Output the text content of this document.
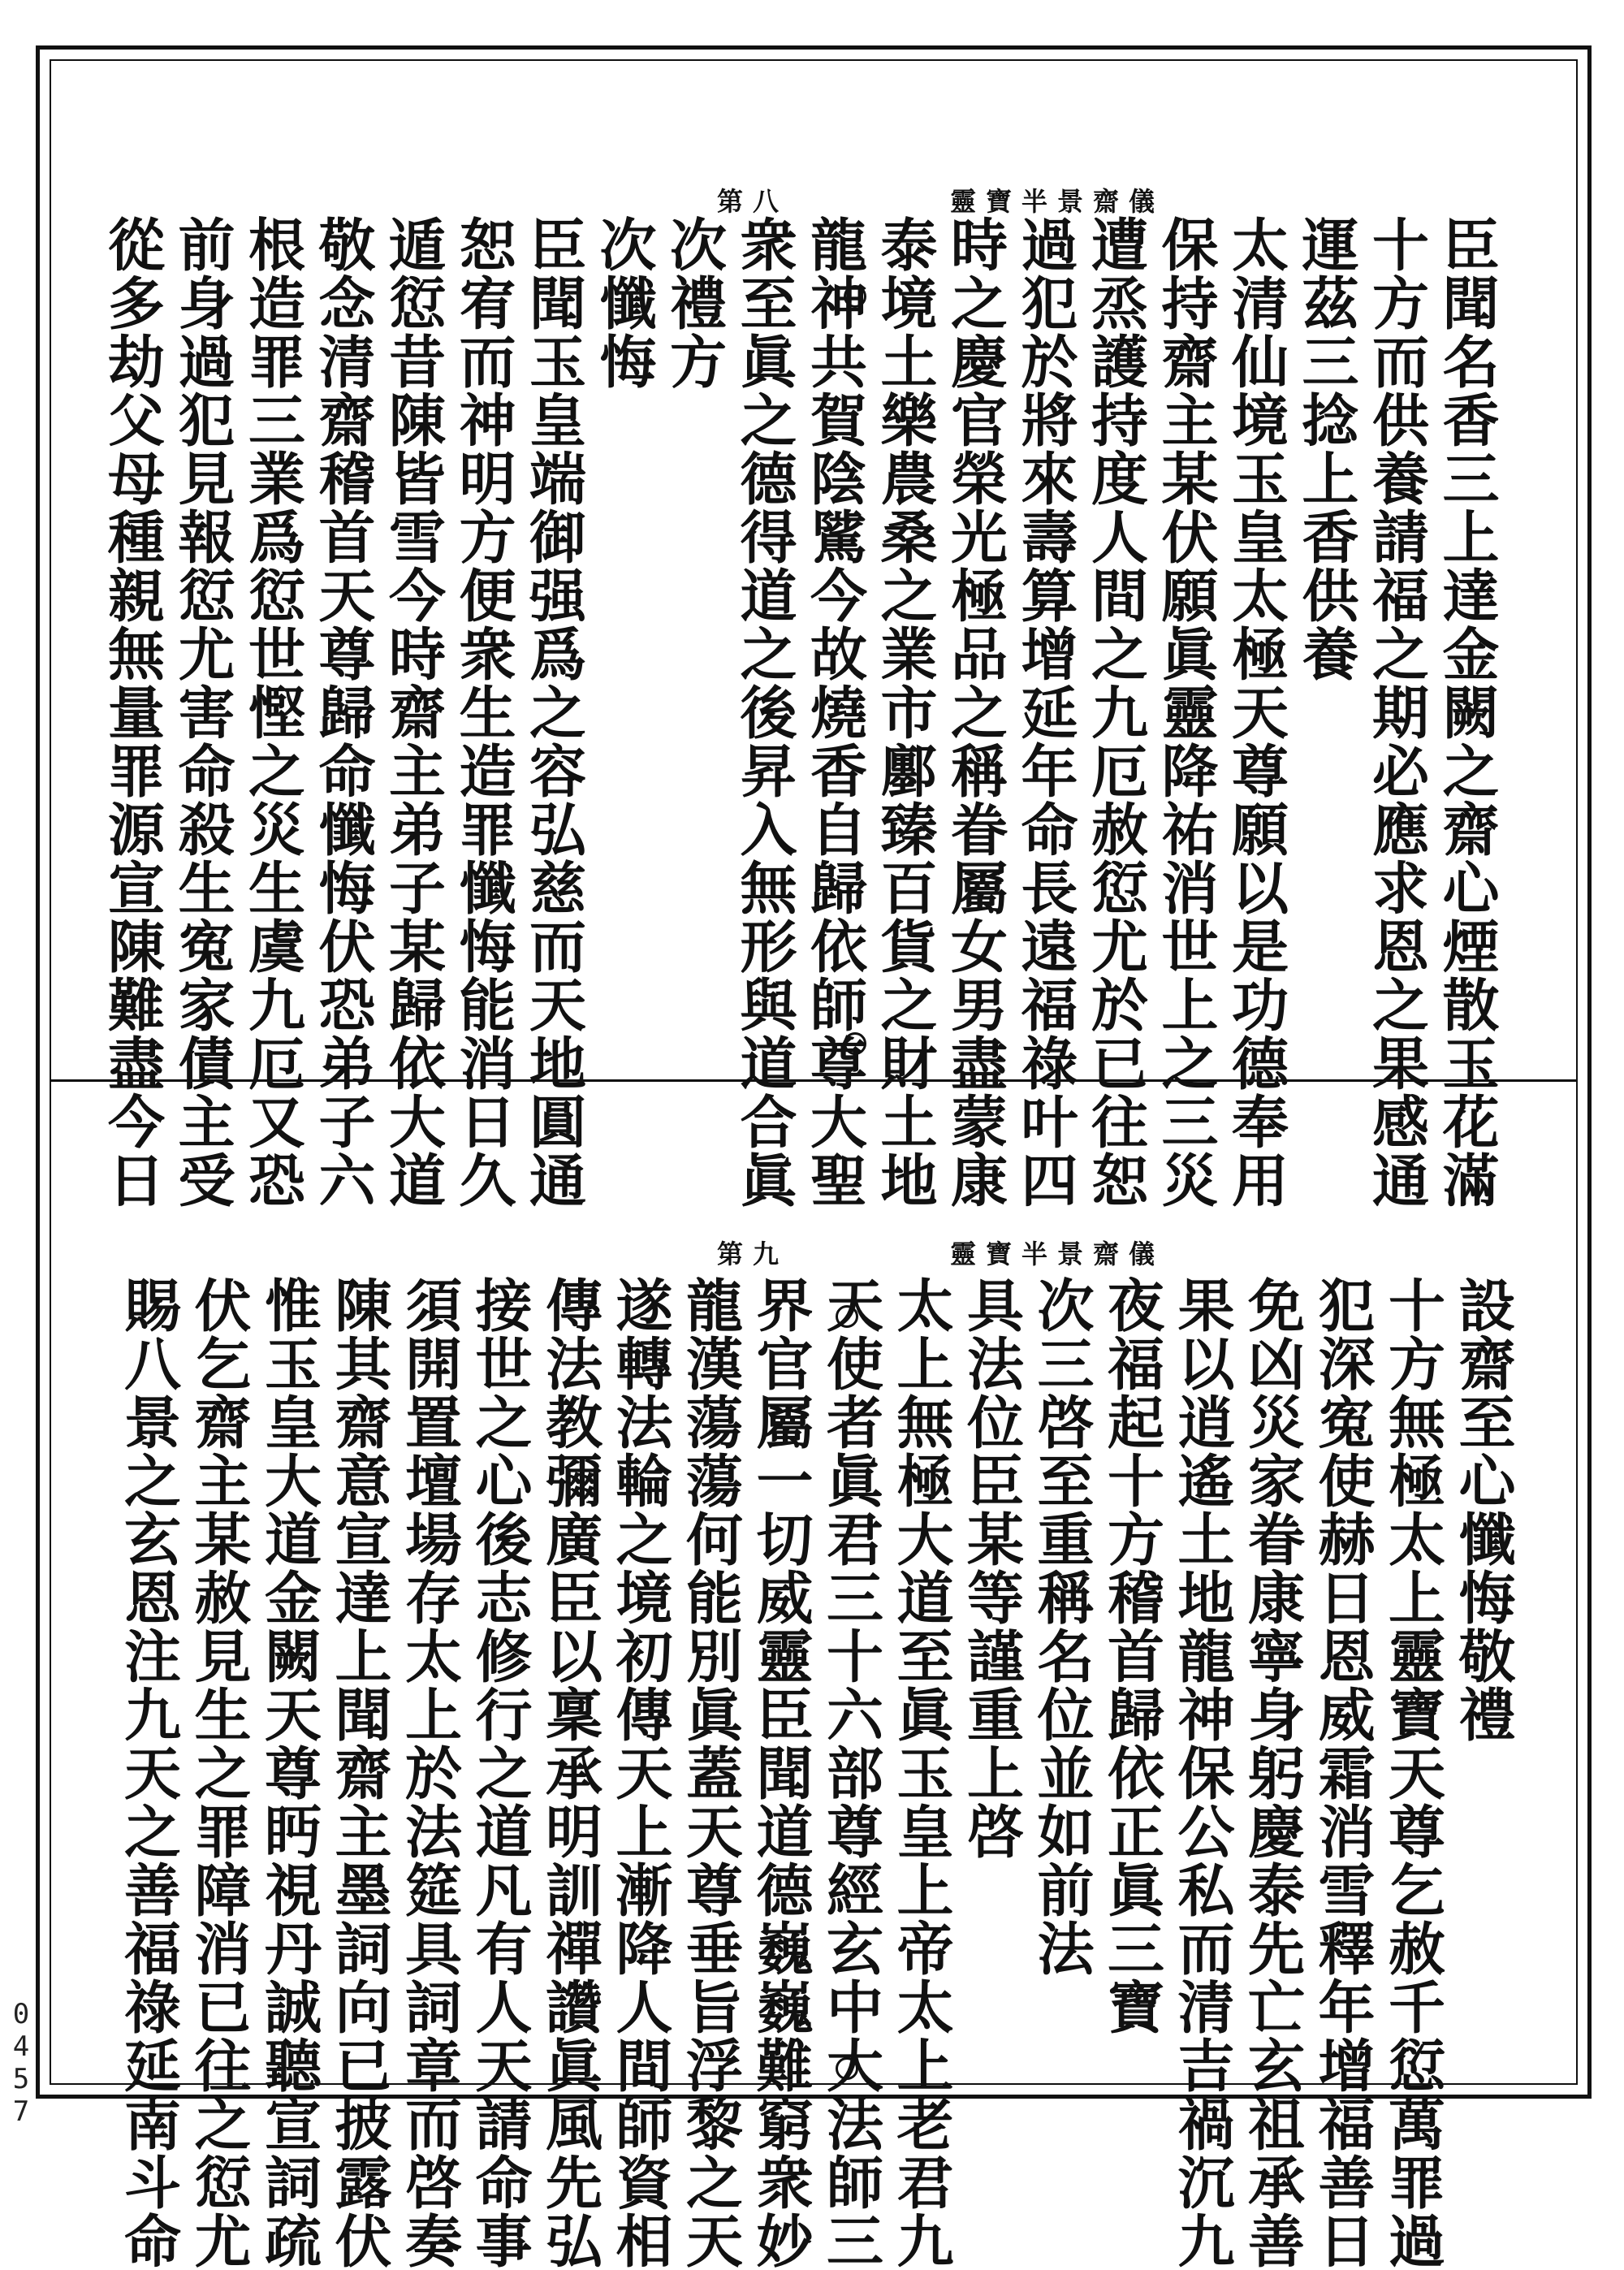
靈寶半景齋儀
第八
臣聞名香三上達金闕之齋心煙散玉花滿
十方而供養請福之期必應求恩之果感通
運茲三捻上香供養
太清仙境玉皇太極天尊願以是功德奉用
保持齋主某伏願眞靈降祐消世上之三災
遭烝護持度人間之九厄赦愆尤於已往恕
過犯於將來壽算增延年命長遠福祿叶四
時之慶官榮光極品之稱眷屬女男盡蒙康
泰境土樂農桑之業市鄽臻百貨之財土地
龍神共賀陰騭今故燒香自歸依師尊大聖
衆至眞之德得道之後昇入無形與道合眞
次禮方
次懺悔
臣聞玉皇端御强爲之容弘慈而天地圓通
恕宥而神明方便衆生造罪懺悔能消日久
遁愆昔陳皆雪今時齋主弟子某歸依大道
敬念清齋稽首天尊歸命懺悔伏恐弟子六
根造罪三業爲愆世慳之災生虞九厄又恐
前身過犯見報愆尤害命殺生寃家債主受
從多劫父母種親無量罪源宣陳難盡今日
靈寶半景齋儀
第九
設齋至心懺悔敬禮
十方無極太上靈寶天尊乞赦千愆萬罪過
犯深寃使赫日恩威霜消雪釋年增福善日
免凶災家眷康寧身躬慶泰先亡玄祖承善
果以逍遙土地龍神保公私而清吉禍沉九
夜福起十方稽首歸依正眞三寶
次三啓至重稱名位並如前法
具法位臣某等謹重上啓
太上無極大道至眞玉皇上帝太上老君九
天使者眞君三十六部尊經玄中大法師三
界官屬一切威靈臣聞道德巍巍難窮衆妙
龍漢蕩蕩何能別眞蓋天尊垂旨浮黎之天
遂轉法輪之境初傳天上漸降人間師資相
傳法教彌廣臣以稟承明訓禪讚眞風先弘
接世之心後志修行之道凡有人天請命事
須開置壇場存太上於法筵具詞章而啓奏
陳其齋意宣達上聞齋主墨詞向已披露伏
惟玉皇大道金闕天尊眄視丹誠聽宣詞疏
伏乞齋主某赦見生之罪障消已往之愆尤
賜八景之玄恩注九天之善福祿延南斗命
0457
